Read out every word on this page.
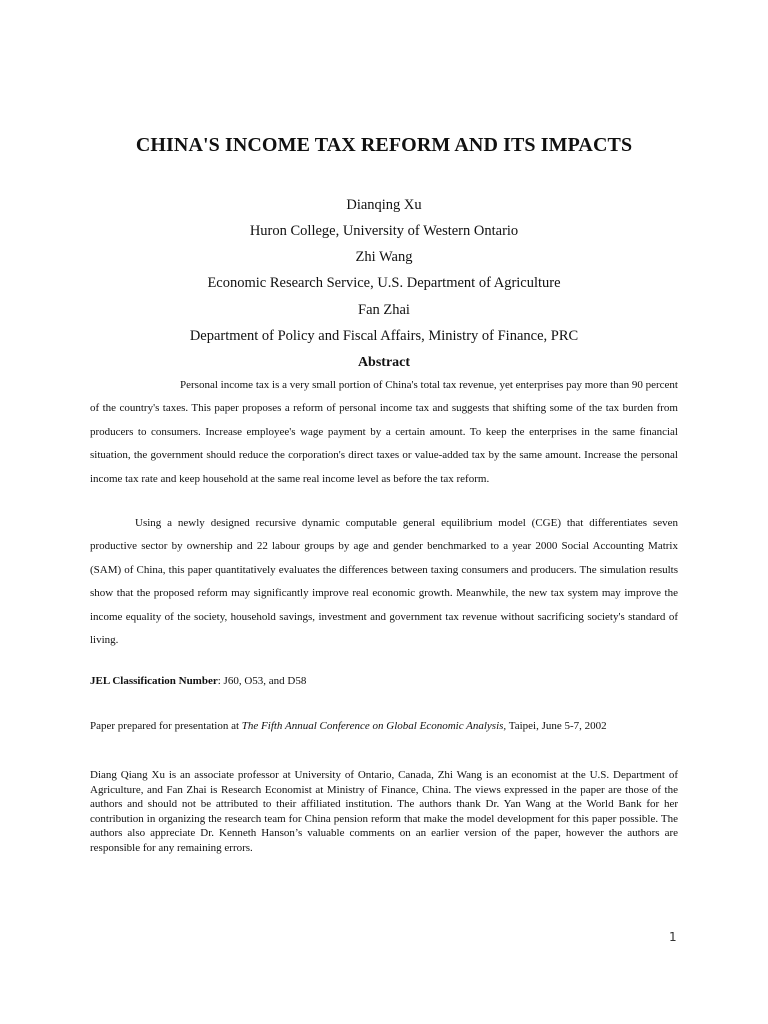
CHINA'S INCOME TAX REFORM AND ITS IMPACTS
Dianqing Xu
Huron College, University of Western Ontario
Zhi Wang
Economic Research Service, U.S. Department of Agriculture
Fan Zhai
Department of Policy and Fiscal Affairs, Ministry of Finance, PRC
Abstract

Personal income tax is a very small portion of China's total tax revenue, yet enterprises pay more than 90 percent of the country's taxes. This paper proposes a reform of personal income tax and suggests that shifting some of the tax burden from producers to consumers. Increase employee's wage payment by a certain amount. To keep the enterprises in the same financial situation, the government should reduce the corporation's direct taxes or value-added tax by the same amount. Increase the personal income tax rate and keep household at the same real income level as before the tax reform.

Using a newly designed recursive dynamic computable general equilibrium model (CGE) that differentiates seven productive sector by ownership and 22 labour groups by age and gender benchmarked to a year 2000 Social Accounting Matrix (SAM) of China, this paper quantitatively evaluates the differences between taxing consumers and producers. The simulation results show that the proposed reform may significantly improve real economic growth. Meanwhile, the new tax system may improve the income equality of the society, household savings, investment and government tax revenue without sacrificing society's standard of living.

JEL Classification Number: J60, O53, and D58
Paper prepared for presentation at The Fifth Annual Conference on Global Economic Analysis, Taipei, June 5-7, 2002

Diang Qiang Xu is an associate professor at University of Ontario, Canada, Zhi Wang is an economist at the U.S. Department of Agriculture, and Fan Zhai is Research Economist at Ministry of Finance, China. The views expressed in the paper are those of the authors and should not be attributed to their affiliated institution. The authors thank Dr. Yan Wang at the World Bank for her contribution in organizing the research team for China pension reform that make the model development for this paper possible. The authors also appreciate Dr. Kenneth Hanson’s valuable comments on an earlier version of the paper, however the authors are responsible for any remaining errors.

1
